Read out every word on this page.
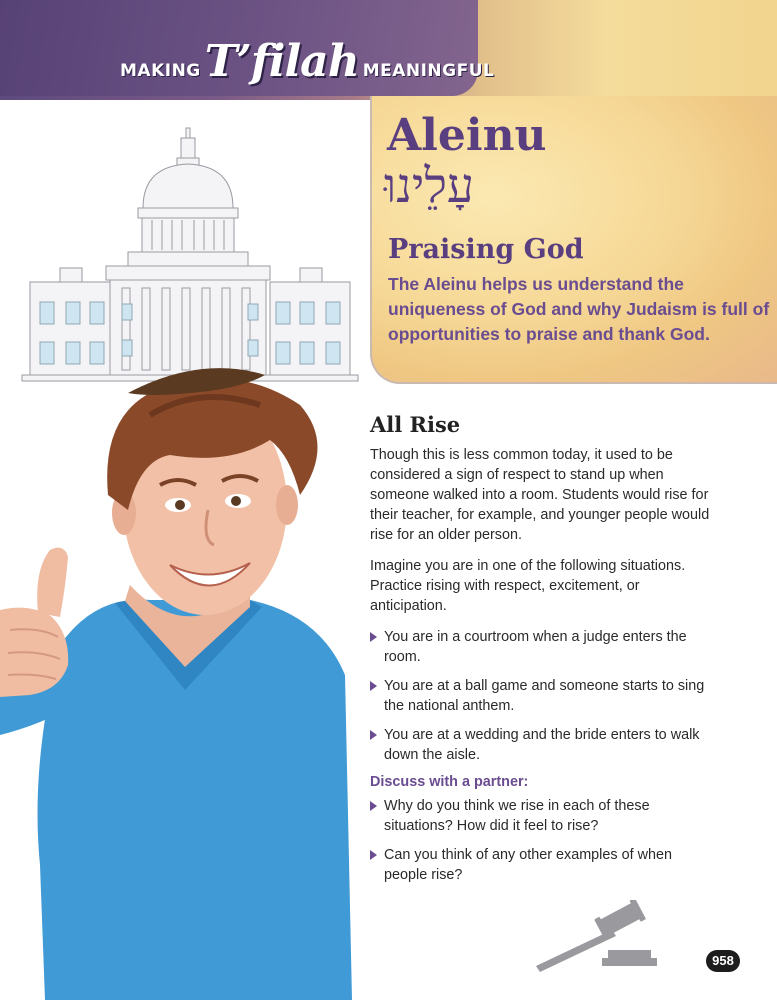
MAKINGT’filah MEANINGFUL
Aleinu
עָלֵינוּ
Praising God
The Aleinu helps us understand the uniqueness of God and why Judaism is full of opportunities to praise and thank God.
All Rise

Though this is less common today, it used to be considered a sign of respect to stand up when someone walked into a room. Students would rise for their teacher, for example, and younger people would rise for an older person.

Imagine you are in one of the following situations. Practice rising with respect, excitement, or anticipation.

You are in a courtroom when a judge enters the room.
You are at a ball game and someone starts to sing the national anthem.
You are at a wedding and the bride enters to walk down the aisle.
Discuss with a partner:
Why do you think we rise in each of these situations? How did it feel to rise?
Can you think of any other examples of when people rise?
958
